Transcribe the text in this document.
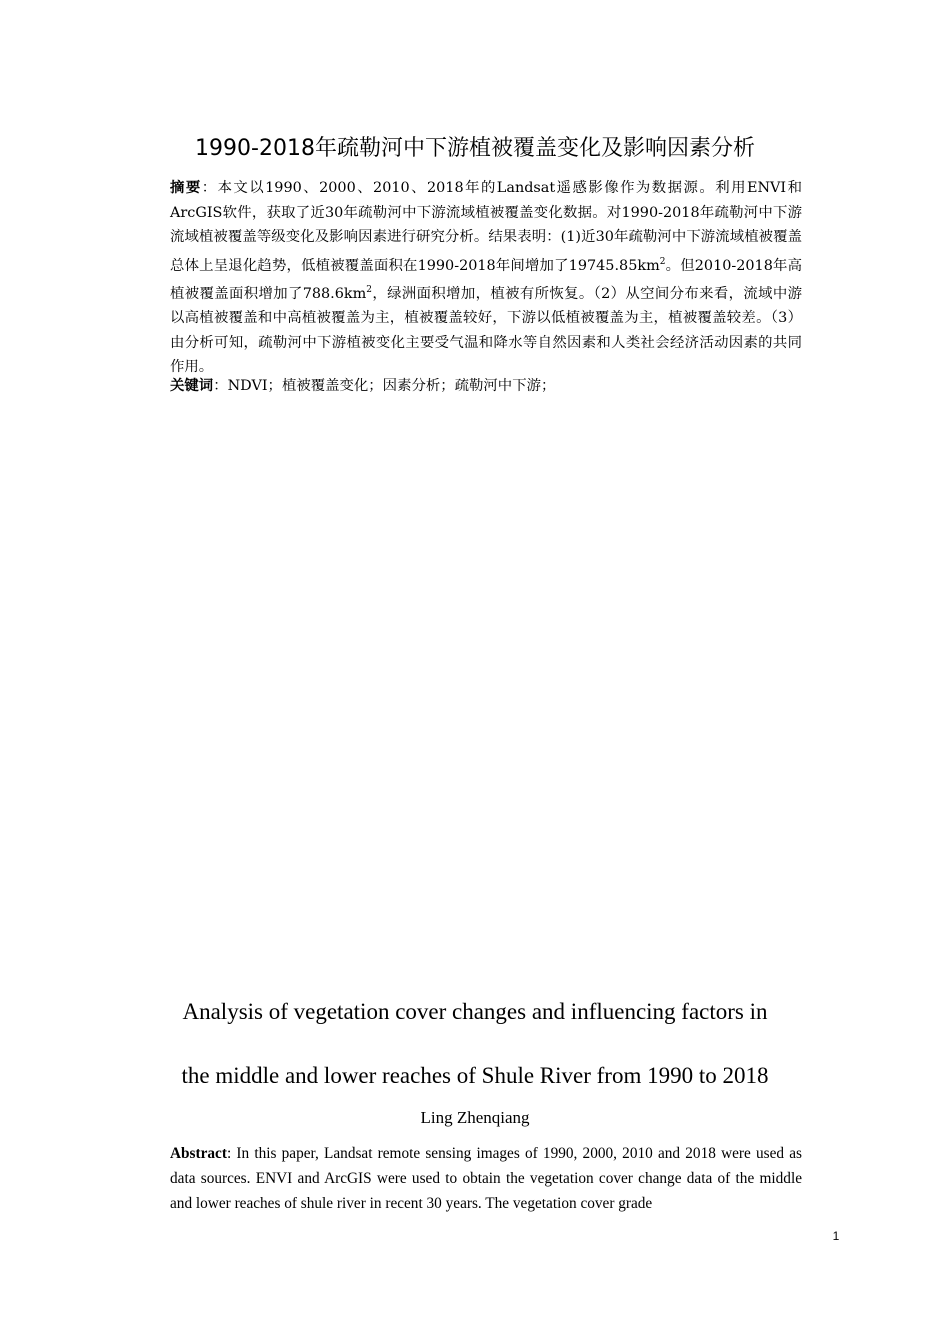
1990-2018年疏勒河中下游植被覆盖变化及影响因素分析
摘要：本文以1990、2000、2010、2018年的Landsat遥感影像作为数据源。利用ENVI和ArcGIS软件，获取了近30年疏勒河中下游流域植被覆盖变化数据。对1990-2018年疏勒河中下游流域植被覆盖等级变化及影响因素进行研究分析。结果表明：(1)近30年疏勒河中下游流域植被覆盖总体上呈退化趋势，低植被覆盖面积在1990-2018年间增加了$19745.85km^2$。但2010-2018年高植被覆盖面积增加了$788.6km^2$，绿洲面积增加，植被有所恢复。（2）从空间分布来看，流域中游以高植被覆盖和中高植被覆盖为主，植被覆盖较好，下游以低植被覆盖为主，植被覆盖较差。（3）由分析可知，疏勒河中下游植被变化主要受气温和降水等自然因素和人类社会经济活动因素的共同作用。
关键词：NDVI；植被覆盖变化；因素分析；疏勒河中下游；
Analysis of vegetation cover changes and influencing factors in
the middle and lower reaches of Shule River from 1990 to 2018
Ling Zhenqiang
Abstract: In this paper, Landsat remote sensing images of 1990, 2000, 2010 and 2018 were used as data sources. ENVI and ArcGIS were used to obtain the vegetation cover change data of the middle and lower reaches of shule river in recent 30 years. The vegetation cover grade
1
